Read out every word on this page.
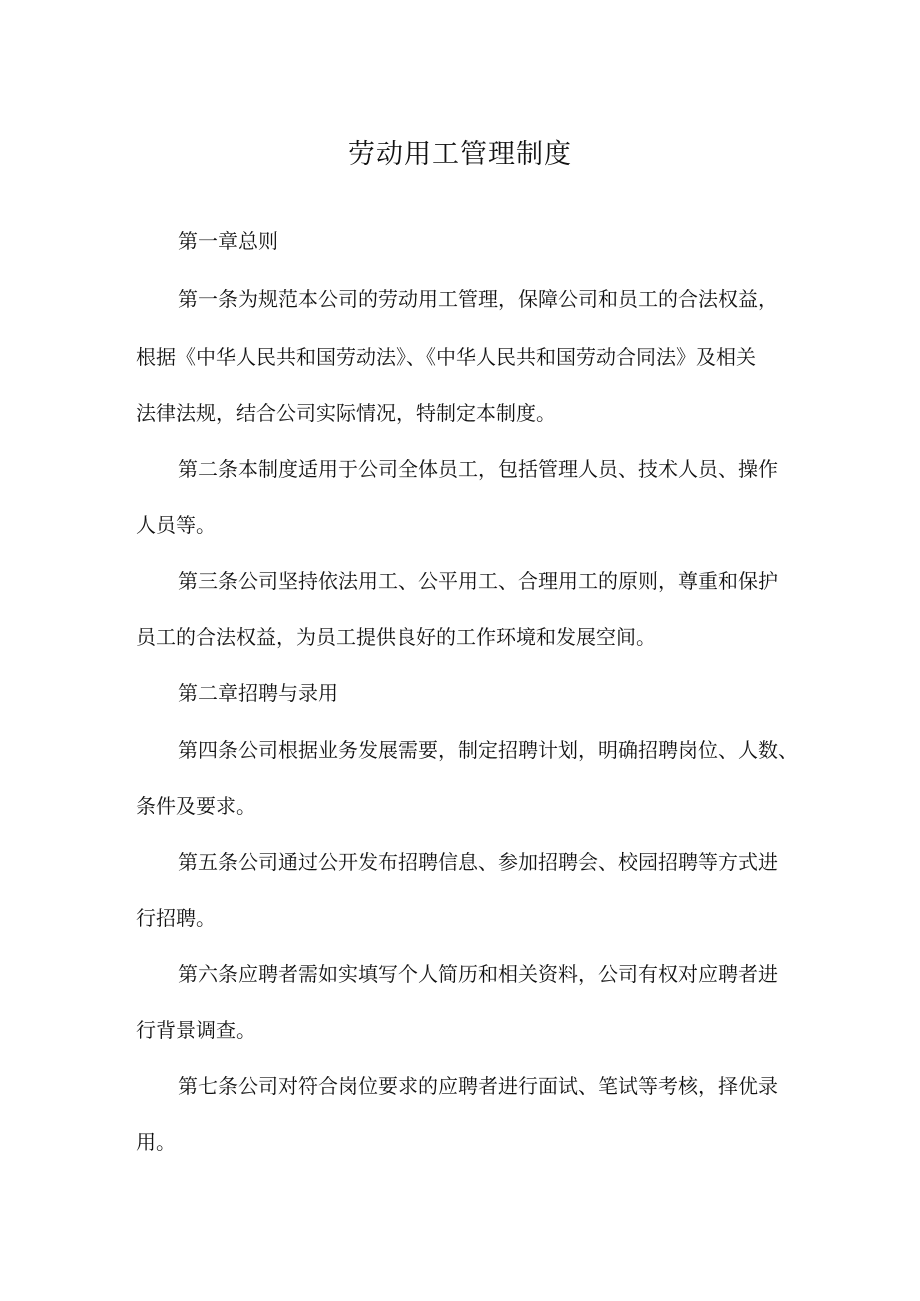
劳动用工管理制度
第一章总则
第一条为规范本公司的劳动用工管理，保障公司和员工的合法权益，
根据《中华人民共和国劳动法》、《中华人民共和国劳动合同法》及相关
法律法规，结合公司实际情况，特制定本制度。
第二条本制度适用于公司全体员工，包括管理人员、技术人员、操作
人员等。
第三条公司坚持依法用工、公平用工、合理用工的原则，尊重和保护
员工的合法权益，为员工提供良好的工作环境和发展空间。
第二章招聘与录用
第四条公司根据业务发展需要，制定招聘计划，明确招聘岗位、人数、
条件及要求。
第五条公司通过公开发布招聘信息、参加招聘会、校园招聘等方式进
行招聘。
第六条应聘者需如实填写个人简历和相关资料，公司有权对应聘者进
行背景调查。
第七条公司对符合岗位要求的应聘者进行面试、笔试等考核，择优录
用。
